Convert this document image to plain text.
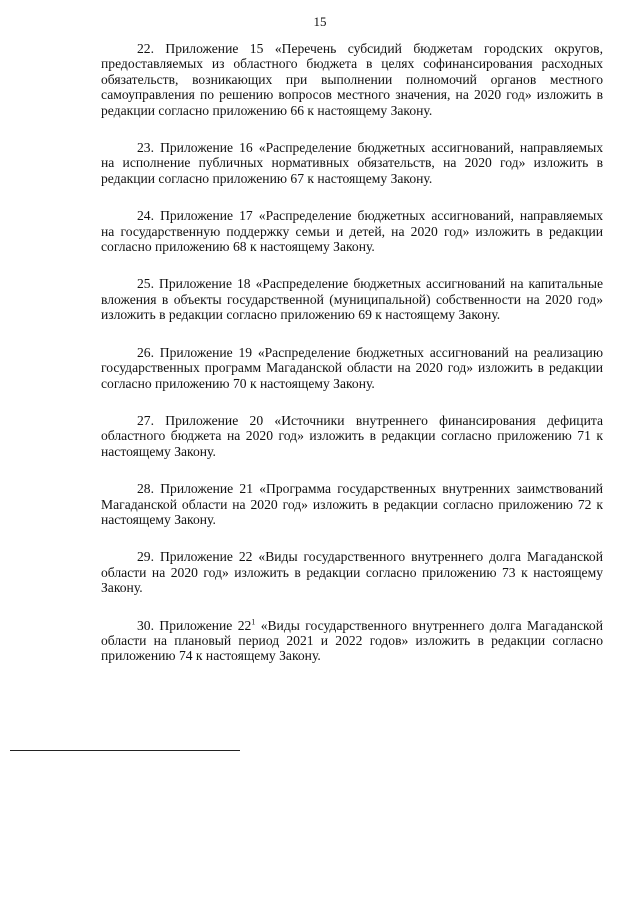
15

22. Приложение 15 «Перечень субсидий бюджетам городских округов, предоставляемых из областного бюджета в целях софинансирования расходных обязательств, возникающих при выполнении полномочий органов местного самоуправления по решению вопросов местного значения, на 2020 год» изложить в редакции согласно приложению 66 к настоящему Закону.

23. Приложение 16 «Распределение бюджетных ассигнований, направляемых на исполнение публичных нормативных обязательств, на 2020 год» изложить в редакции согласно приложению 67 к настоящему Закону.

24. Приложение 17 «Распределение бюджетных ассигнований, направляемых на государственную поддержку семьи и детей, на 2020 год» изложить в редакции согласно приложению 68 к настоящему Закону.

25. Приложение 18 «Распределение бюджетных ассигнований на капитальные вложения в объекты государственной (муниципальной) собственности на 2020 год» изложить в редакции согласно приложению 69 к настоящему Закону.

26. Приложение 19 «Распределение бюджетных ассигнований на реализацию государственных программ Магаданской области на 2020 год» изложить в редакции согласно приложению 70 к настоящему Закону.

27. Приложение 20 «Источники внутреннего финансирования дефицита областного бюджета на 2020 год» изложить в редакции согласно приложению 71 к настоящему Закону.

28. Приложение 21 «Программа государственных внутренних заимствований Магаданской области на 2020 год» изложить в редакции согласно приложению 72 к настоящему Закону.

29. Приложение 22 «Виды государственного внутреннего долга Магаданской области на 2020 год» изложить в редакции согласно приложению 73 к настоящему Закону.

30. Приложение $22^1$ «Виды государственного внутреннего долга Магаданской области на плановый период 2021 и 2022 годов» изложить в редакции согласно приложению 74 к настоящему Закону.
